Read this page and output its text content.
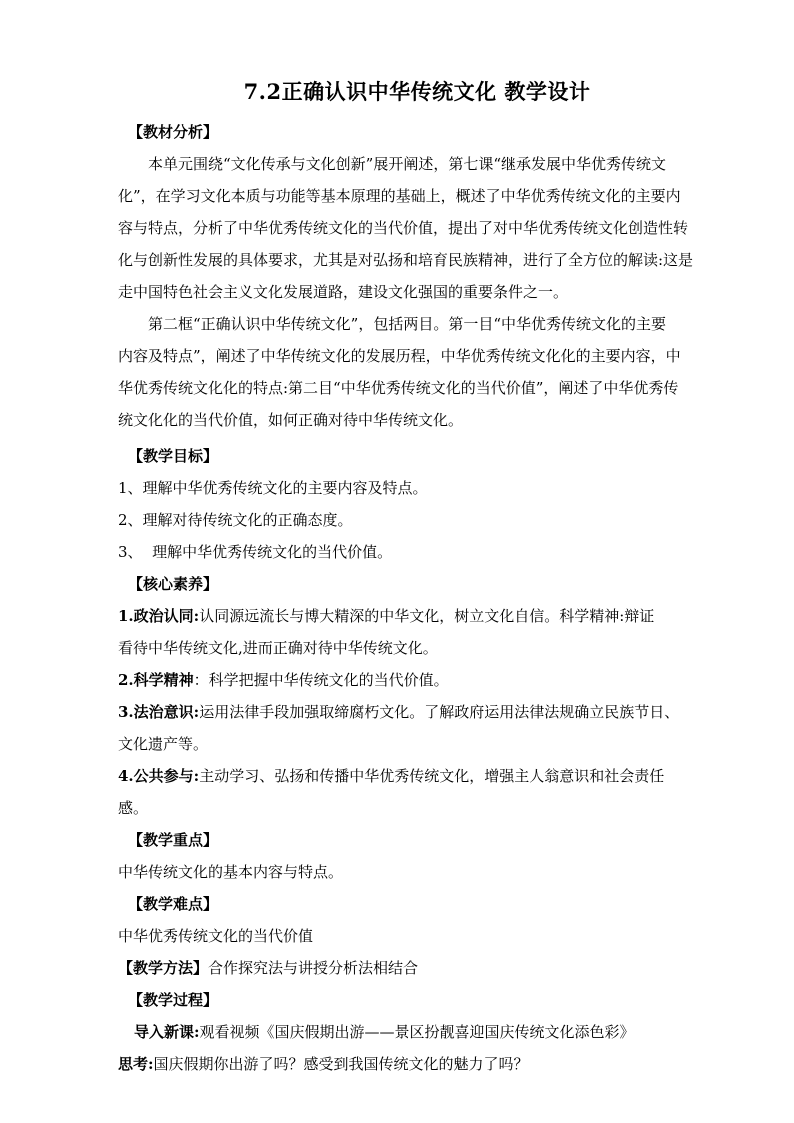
7.2正确认识中华传统文化 教学设计
【教材分析】
本单元围绕“文化传承与文化创新”展开阐述，第七课“继承发展中华优秀传统文
化”，在学习文化本质与功能等基本原理的基础上，概述了中华优秀传统文化的主要内
容与特点，分析了中华优秀传统文化的当代价值，提出了对中华优秀传统文化创造性转
化与创新性发展的具体要求，尤其是对弘扬和培育民族精神，进行了全方位的解读:这是
走中国特色社会主义文化发展道路，建设文化强国的重要条件之一。
第二框“正确认识中华传统文化”，包括两目。第一目“中华优秀传统文化的主要
内容及特点”，阐述了中华传统文化的发展历程，中华优秀传统文化化的主要内容，中
华优秀传统文化化的特点:第二目“中华优秀传统文化的当代价值”，阐述了中华优秀传
统文化化的当代价值，如何正确对待中华传统文化。
【教学目标】
1、理解中华优秀传统文化的主要内容及特点。
2、理解对待传统文化的正确态度。
3、  理解中华优秀传统文化的当代价值。
【核心素养】
1.政治认同:认同源远流长与博大精深的中华文化，树立文化自信。科学精神:辩证
看待中华传统文化,进而正确对待中华传统文化。
2.科学精神：科学把握中华传统文化的当代价值。
3.法治意识:运用法律手段加强取缔腐朽文化。了解政府运用法律法规确立民族节日、
文化遗产等。
4.公共参与:主动学习、弘扬和传播中华优秀传统文化，增强主人翁意识和社会责任
感。
【教学重点】
中华传统文化的基本内容与特点。
【教学难点】
中华优秀传统文化的当代价值
【教学方法】合作探究法与讲授分析法相结合
【教学过程】
导入新课:观看视频《国庆假期出游——景区扮靓喜迎国庆传统文化添色彩》
思考:国庆假期你出游了吗？感受到我国传统文化的魅力了吗？
